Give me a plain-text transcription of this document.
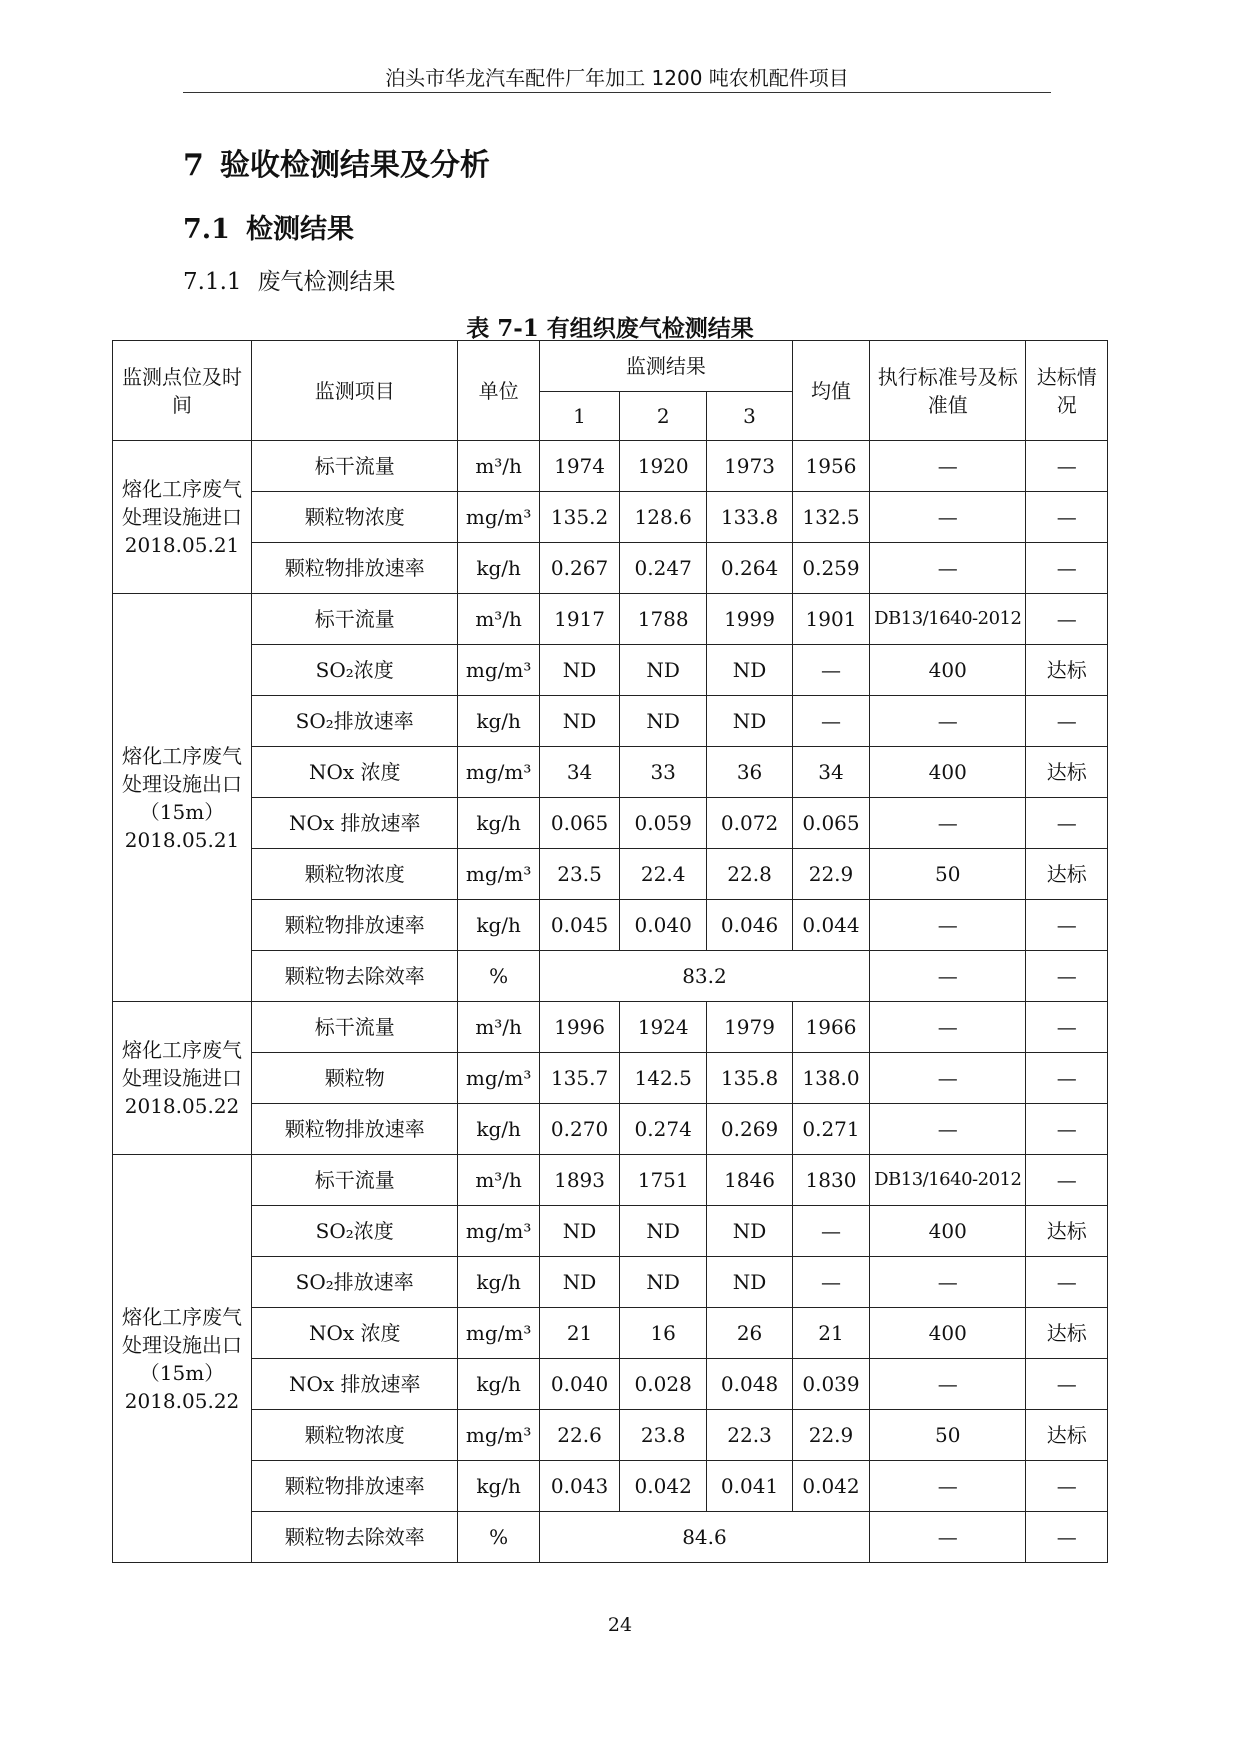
泊头市华龙汽车配件厂年加工 1200 吨农机配件项目
7 验收检测结果及分析
7.1 检测结果
7.1.1 废气检测结果
表 7-1 有组织废气检测结果
监测点位及时间	监测项目	单位	监测结果			均值	执行标准号及标准值	达标情况
			1	2	3			
熔化工序废气处理设施进口2018.05.21	标干流量	m³/h	1974	1920	1973	1956	—	—
	颗粒物浓度	mg/m³	135.2	128.6	133.8	132.5	—	—
	颗粒物排放速率	kg/h	0.267	0.247	0.264	0.259	—	—
熔化工序废气处理设施出口（15m）2018.05.21	标干流量	m³/h	1917	1788	1999	1901	DB13/1640-2012	—
	SO₂浓度	mg/m³	ND	ND	ND	—	400	达标
	SO₂排放速率	kg/h	ND	ND	ND	—	—	—
	NOx 浓度	mg/m³	34	33	36	34	400	达标
	NOx 排放速率	kg/h	0.065	0.059	0.072	0.065	—	—
	颗粒物浓度	mg/m³	23.5	22.4	22.8	22.9	50	达标
	颗粒物排放速率	kg/h	0.045	0.040	0.046	0.044	—	—
	颗粒物去除效率	%	83.2				—	—
熔化工序废气处理设施进口2018.05.22	标干流量	m³/h	1996	1924	1979	1966	—	—
	颗粒物	mg/m³	135.7	142.5	135.8	138.0	—	—
	颗粒物排放速率	kg/h	0.270	0.274	0.269	0.271	—	—
熔化工序废气处理设施出口（15m）2018.05.22	标干流量	m³/h	1893	1751	1846	1830	DB13/1640-2012	—
	SO₂浓度	mg/m³	ND	ND	ND	—	400	达标
	SO₂排放速率	kg/h	ND	ND	ND	—	—	—
	NOx 浓度	mg/m³	21	16	26	21	400	达标
	NOx 排放速率	kg/h	0.040	0.028	0.048	0.039	—	—
	颗粒物浓度	mg/m³	22.6	23.8	22.3	22.9	50	达标
	颗粒物排放速率	kg/h	0.043	0.042	0.041	0.042	—	—
	颗粒物去除效率	%	84.6				—	—
24
